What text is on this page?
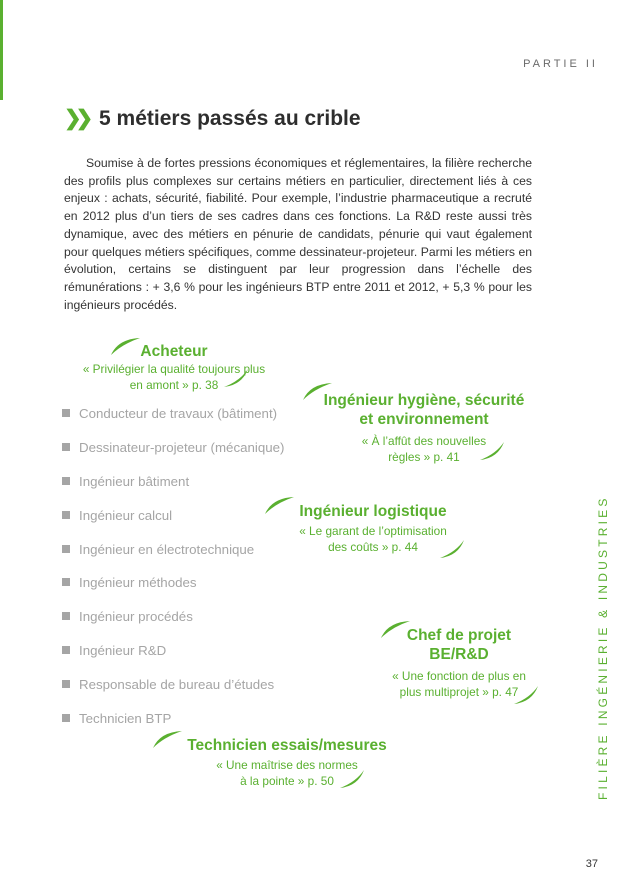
PARTIE II
❯❯ 5 métiers passés au crible

Soumise à de fortes pressions économiques et réglementaires, la filière recherche des profils plus complexes sur certains métiers en particulier, directement liés à ces enjeux : achats, sécurité, fiabilité. Pour exemple, l’industrie pharmaceutique a recruté en 2012 plus d’un tiers de ses cadres dans ces fonctions. La R&D reste aussi très dynamique, avec des métiers en pénurie de candidats, pénurie qui vaut également pour quelques métiers spécifiques, comme dessinateur-projeteur. Parmi les métiers en évolution, certains se distinguent par leur progression dans l’échelle des rémunérations : + 3,6 % pour les ingénieurs BTP entre 2011 et 2012, + 5,3 % pour les ingénieurs procédés.

Conducteur de travaux (bâtiment)
Dessinateur-projeteur (mécanique)
Ingénieur bâtiment
Ingénieur calcul
Ingénieur en électrotechnique
Ingénieur méthodes
Ingénieur procédés
Ingénieur R&D
Responsable de bureau d’études
Technicien BTP
Acheteur
« Privilégier la qualité toujours plus
en amont » p. 38
Ingénieur hygiène, sécurité
et environnement
« À l’affût des nouvelles
règles » p. 41
Ingénieur logistique
« Le garant de l’optimisation
des coûts » p. 44
Chef de projet
BE/R&D
« Une fonction de plus en
plus multiprojet » p. 47
Technicien essais/mesures
« Une maîtrise des normes
à la pointe » p. 50	FILIÈRE INGÉNIERIE & INDUSTRIES
37
